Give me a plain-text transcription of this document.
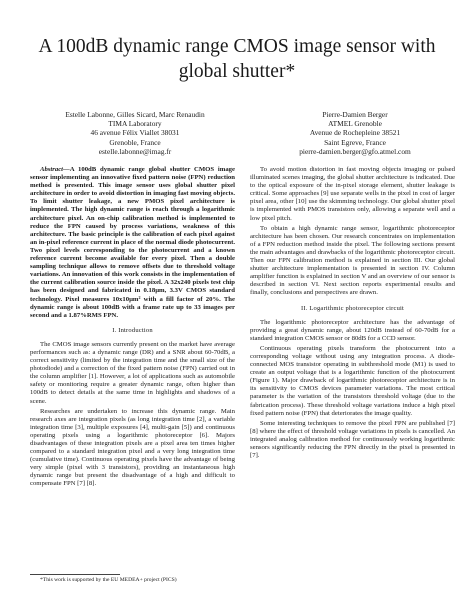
A 100dB dynamic range CMOS image sensor with
global shutter*
Estelle Labonne, Gilles Sicard, Marc Renaudin
TIMA Laboratory
46 avenue Félix Viallet 38031
Grenoble, France
estelle.labonne@imag.fr
Pierre-Damien Berger
ATMEL Grenoble
Avenue de Rochepleine 38521
Saint Egreve, France
pierre-damien.berger@gfo.atmel.com

Abstract—A 100dB dynamic range global shutter CMOS image sensor implementing an innovative fixed pattern noise (FPN) reduction method is presented. This image sensor uses global shutter pixel architecture in order to avoid distortion in imaging fast moving objects. To limit shutter leakage, a new PMOS pixel architecture is implemented. The high dynamic range is reach through a logarithmic architecture pixel. An on-chip calibration method is implemented to reduce the FPN caused by process variations, weakness of this architecture. The basic principle is the calibration of each pixel against an in-pixel reference current in place of the normal diode photocurrent. Two pixel levels corresponding to the photocurrent and a known reference current become available for every pixel. Then a double sampling technique allows to remove offsets due to threshold voltage variations. An innovation of this work consists in the implementation of the current calibration source inside the pixel. A 32x240 pixels test chip has been designed and fabricated in 0.18µm, 3.3V CMOS standard technology. Pixel measures 10x10µm² with a fill factor of 20%. The dynamic range is about 100dB with a frame rate up to 33 images per second and a 1.87%RMS FPN.

I. Introduction

The CMOS image sensors currently present on the market have average performances such as: a dynamic range (DR) and a SNR about 60-70dB, a correct sensitivity (limited by the integration time and the small size of the photodiode) and a correction of the fixed pattern noise (FPN) carried out in the column amplifier [1]. However, a lot of applications such as automobile safety or monitoring require a greater dynamic range, often higher than 100dB to detect details at the same time in highlights and shadows of a scene.

Researches are undertaken to increase this dynamic range. Main research axes are integration pixels (as long integration time [2], a variable integration time [3], multiple exposures [4], multi-gain [5]) and continuous operating pixels using a logarithmic photoreceptor [6]. Majors disadvantages of these integration pixels are a pixel area ten times higher compared to a standard integration pixel and a very long integration time (cumulative time). Continuous operating pixels have the advantage of being very simple (pixel with 3 transistors), providing an instantaneous high dynamic range but present the disadvantage of a high and difficult to compensate FPN [7] [8].

To avoid motion distortion in fast moving objects imaging or pulsed illuminated scenes imaging, the global shutter architecture is indicated. Due to the optical exposure of the in-pixel storage element, shutter leakage is critical. Some approaches [9] use separate wells in the pixel in cost of larger pixel area, other [10] use the skimming technology. Our global shutter pixel is implemented with PMOS transistors only, allowing a separate well and a low pixel pitch.

To obtain a high dynamic range sensor, logarithmic photoreceptor architecture has been chosen. Our research concentrates on implementation of a FPN reduction method inside the pixel. The following sections present the main advantages and drawbacks of the logarithmic photoreceptor circuit. Then our FPN calibration method is explained in section III. Our global shutter architecture implementation is presented in section IV. Column amplifier function is explained in section V and an overview of our sensor is described in section VI. Next section reports experimental results and finally, conclusions and perspectives are drawn.

II. Logarithmic photoreceptor circuit

The logarithmic photoreceptor architecture has the advantage of providing a great dynamic range, about 120dB instead of 60-70dB for a standard integration CMOS sensor or 80dB for a CCD sensor.

Continuous operating pixels transform the photocurrent into a corresponding voltage without using any integration process. A diode-connected MOS transistor operating in subthreshold mode (M1) is used to create an output voltage that is a logarithmic function of the photocurrent (Figure 1). Major drawback of logarithmic photoreceptor architecture is in its sensitivity to CMOS devices parameter variations. The most critical parameter is the variation of the transistors threshold voltage (due to the fabrication process). These threshold voltage variations induce a high pixel fixed pattern noise (FPN) that deteriorates the image quality.

Some interesting techniques to remove the pixel FPN are published [7] [8] where the effect of threshold voltage variations in pixels is cancelled. An integrated analog calibration method for continuously working logarithmic sensors significantly reducing the FPN directly in the pixel is presented in [7].

*This work is supported by the EU MEDEA+ project (PICS)
